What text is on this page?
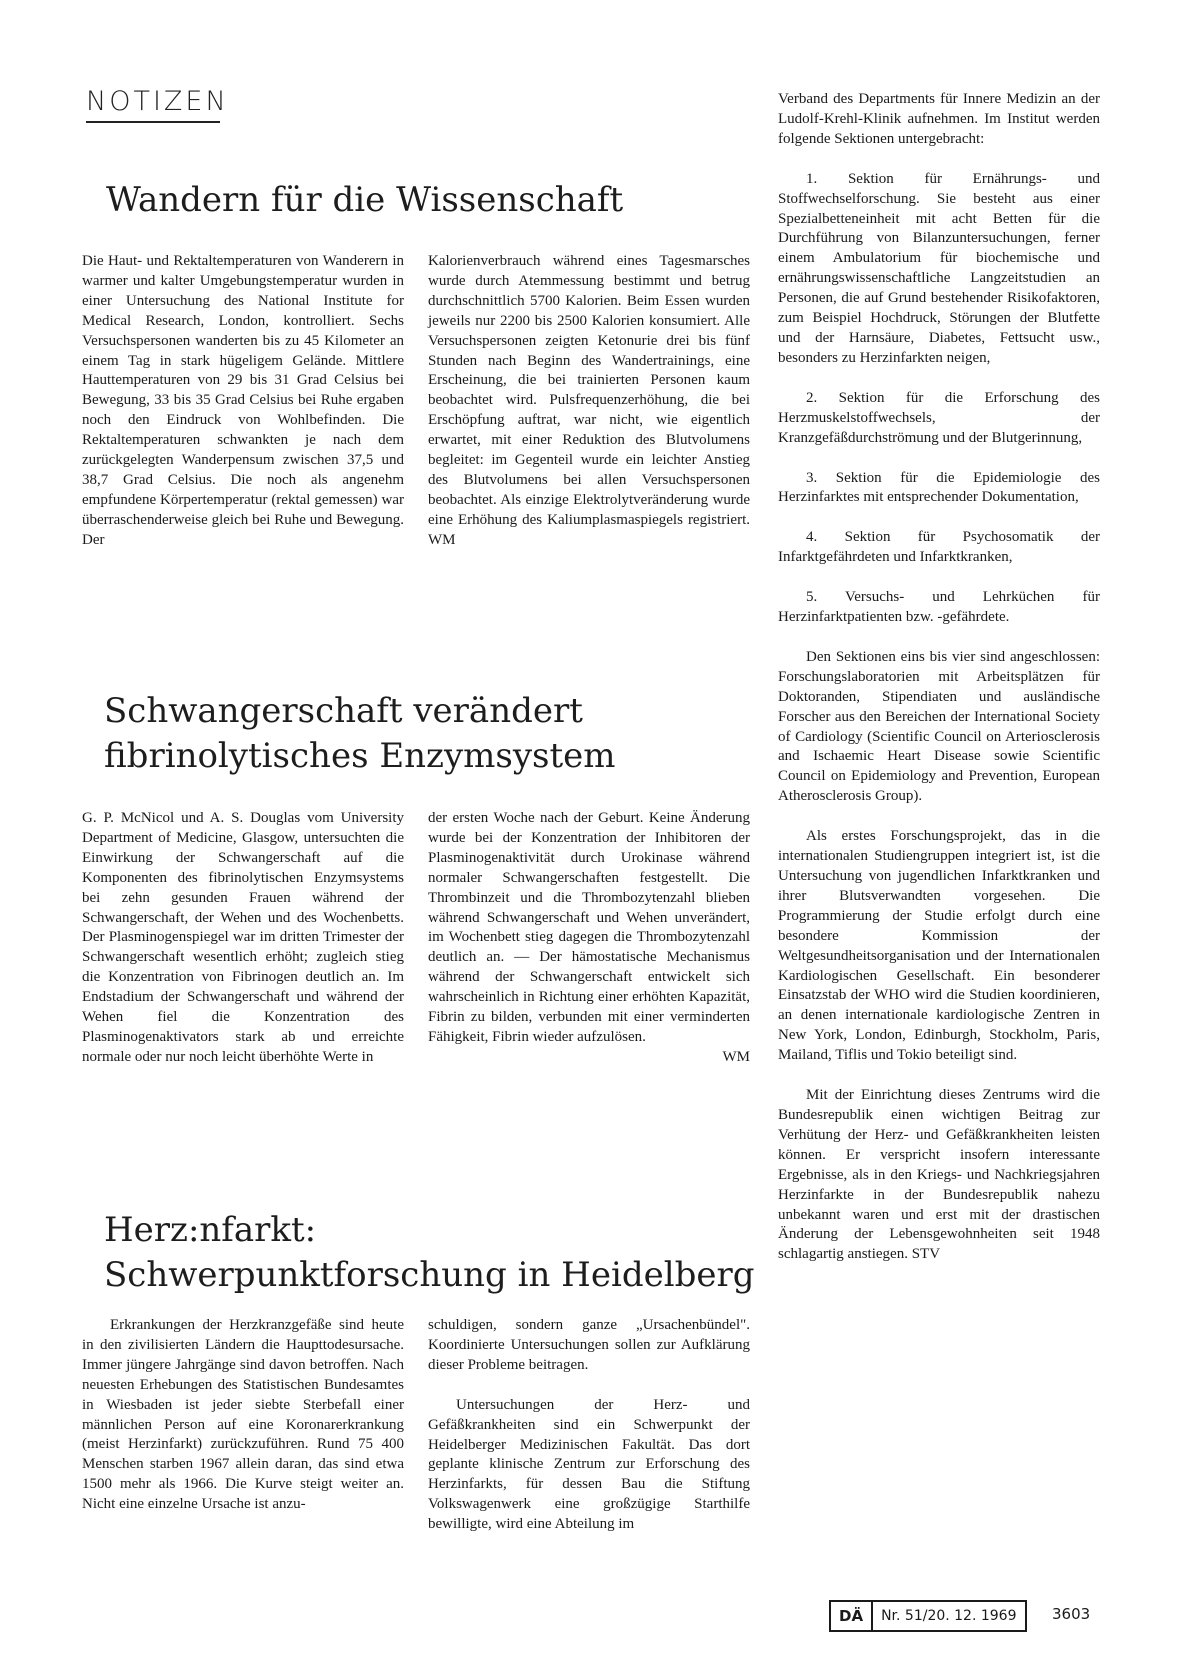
NOTIZEN
Wandern für die Wissenschaft

Die Haut- und Rektaltemperaturen von Wanderern in warmer und kalter Umgebungstemperatur wurden in einer Untersuchung des National Institute for Medical Research, London, kontrolliert. Sechs Versuchspersonen wanderten bis zu 45 Kilometer an einem Tag in stark hügeligem Gelände. Mittlere Hauttemperaturen von 29 bis 31 Grad Celsius bei Bewegung, 33 bis 35 Grad Celsius bei Ruhe ergaben noch den Eindruck von Wohlbefinden. Die Rektaltemperaturen schwankten je nach dem zurückgelegten Wanderpensum zwischen 37,5 und 38,7 Grad Celsius. Die noch als angenehm empfundene Körpertemperatur (rektal gemessen) war überraschenderweise gleich bei Ruhe und Bewegung. Der

Kalorienverbrauch während eines Tagesmarsches wurde durch Atemmessung bestimmt und betrug durchschnittlich 5700 Kalorien. Beim Essen wurden jeweils nur 2200 bis 2500 Kalorien konsumiert. Alle Versuchspersonen zeigten Ketonurie drei bis fünf Stunden nach Beginn des Wandertrainings, eine Erscheinung, die bei trainierten Personen kaum beobachtet wird. Pulsfrequenzerhöhung, die bei Erschöpfung auftrat, war nicht, wie eigentlich erwartet, mit einer Reduktion des Blutvolumens begleitet: im Gegenteil wurde ein leichter Anstieg des Blutvolumens bei allen Versuchspersonen beobachtet. Als einzige Elektrolytveränderung wurde eine Erhöhung des Kaliumplasmaspiegels registriert. WM

Schwangerschaft verändert
fibrinolytisches Enzymsystem

G. P. McNicol und A. S. Douglas vom University Department of Medicine, Glasgow, untersuchten die Einwirkung der Schwangerschaft auf die Komponenten des fibrinolytischen Enzymsystems bei zehn gesunden Frauen während der Schwangerschaft, der Wehen und des Wochenbetts. Der Plasminogenspiegel war im dritten Trimester der Schwangerschaft wesentlich erhöht; zugleich stieg die Konzentration von Fibrinogen deutlich an. Im Endstadium der Schwangerschaft und während der Wehen fiel die Konzentration des Plasminogenaktivators stark ab und erreichte normale oder nur noch leicht überhöhte Werte in

der ersten Woche nach der Geburt. Keine Änderung wurde bei der Konzentration der Inhibitoren der Plasminogenaktivität durch Urokinase während normaler Schwangerschaften festgestellt. Die Thrombinzeit und die Thrombozytenzahl blieben während Schwangerschaft und Wehen unverändert, im Wochenbett stieg dagegen die Thrombozytenzahl deutlich an. — Der hämostatische Mechanismus während der Schwangerschaft entwickelt sich wahrscheinlich in Richtung einer erhöhten Kapazität, Fibrin zu bilden, verbunden mit einer verminderten Fähigkeit, Fibrin wieder aufzulösen.

WM

Herz:nfarkt:
Schwerpunktforschung in Heidelberg

Erkrankungen der Herzkranzgefäße sind heute in den zivilisierten Ländern die Haupttodesursache. Immer jüngere Jahrgänge sind davon betroffen. Nach neuesten Erhebungen des Statistischen Bundesamtes in Wiesbaden ist jeder siebte Sterbefall einer männlichen Person auf eine Koronarerkrankung (meist Herzinfarkt) zurückzuführen. Rund 75 400 Menschen starben 1967 allein daran, das sind etwa 1500 mehr als 1966. Die Kurve steigt weiter an. Nicht eine einzelne Ursache ist anzu-

schuldigen, sondern ganze „Ursachenbündel". Koordinierte Untersuchungen sollen zur Aufklärung dieser Probleme beitragen.

Untersuchungen der Herz- und Gefäßkrankheiten sind ein Schwerpunkt der Heidelberger Medizinischen Fakultät. Das dort geplante klinische Zentrum zur Erforschung des Herzinfarkts, für dessen Bau die Stiftung Volkswagenwerk eine großzügige Starthilfe bewilligte, wird eine Abteilung im

Verband des Departments für Innere Medizin an der Ludolf-Krehl-Klinik aufnehmen. Im Institut werden folgende Sektionen untergebracht:

1. Sektion für Ernährungs- und Stoffwechselforschung. Sie besteht aus einer Spezialbetteneinheit mit acht Betten für die Durchführung von Bilanzuntersuchungen, ferner einem Ambulatorium für biochemische und ernährungswissenschaftliche Langzeitstudien an Personen, die auf Grund bestehender Risikofaktoren, zum Beispiel Hochdruck, Störungen der Blutfette und der Harnsäure, Diabetes, Fettsucht usw., besonders zu Herzinfarkten neigen,

2. Sektion für die Erforschung des Herzmuskelstoffwechsels, der Kranzgefäßdurchströmung und der Blutgerinnung,

3. Sektion für die Epidemiologie des Herzinfarktes mit entsprechender Dokumentation,

4. Sektion für Psychosomatik der Infarktgefährdeten und Infarktkranken,

5. Versuchs- und Lehrküchen für Herzinfarktpatienten bzw. -gefährdete.

Den Sektionen eins bis vier sind angeschlossen: Forschungslaboratorien mit Arbeitsplätzen für Doktoranden, Stipendiaten und ausländische Forscher aus den Bereichen der International Society of Cardiology (Scientific Council on Arteriosclerosis and Ischaemic Heart Disease sowie Scientific Council on Epidemiology and Prevention, European Atherosclerosis Group).

Als erstes Forschungsprojekt, das in die internationalen Studiengruppen integriert ist, ist die Untersuchung von jugendlichen Infarktkranken und ihrer Blutsverwandten vorgesehen. Die Programmierung der Studie erfolgt durch eine besondere Kommission der Weltgesundheitsorganisation und der Internationalen Kardiologischen Gesellschaft. Ein besonderer Einsatzstab der WHO wird die Studien koordinieren, an denen internationale kardiologische Zentren in New York, London, Edinburgh, Stockholm, Paris, Mailand, Tiflis und Tokio beteiligt sind.

Mit der Einrichtung dieses Zentrums wird die Bundesrepublik einen wichtigen Beitrag zur Verhütung der Herz- und Gefäßkrankheiten leisten können. Er verspricht insofern interessante Ergebnisse, als in den Kriegs- und Nachkriegsjahren Herzinfarkte in der Bundesrepublik nahezu unbekannt waren und erst mit der drastischen Änderung der Lebensgewohnheiten seit 1948 schlagartig anstiegen. STV

DÄ	Nr. 51/20. 12. 1969	3603
